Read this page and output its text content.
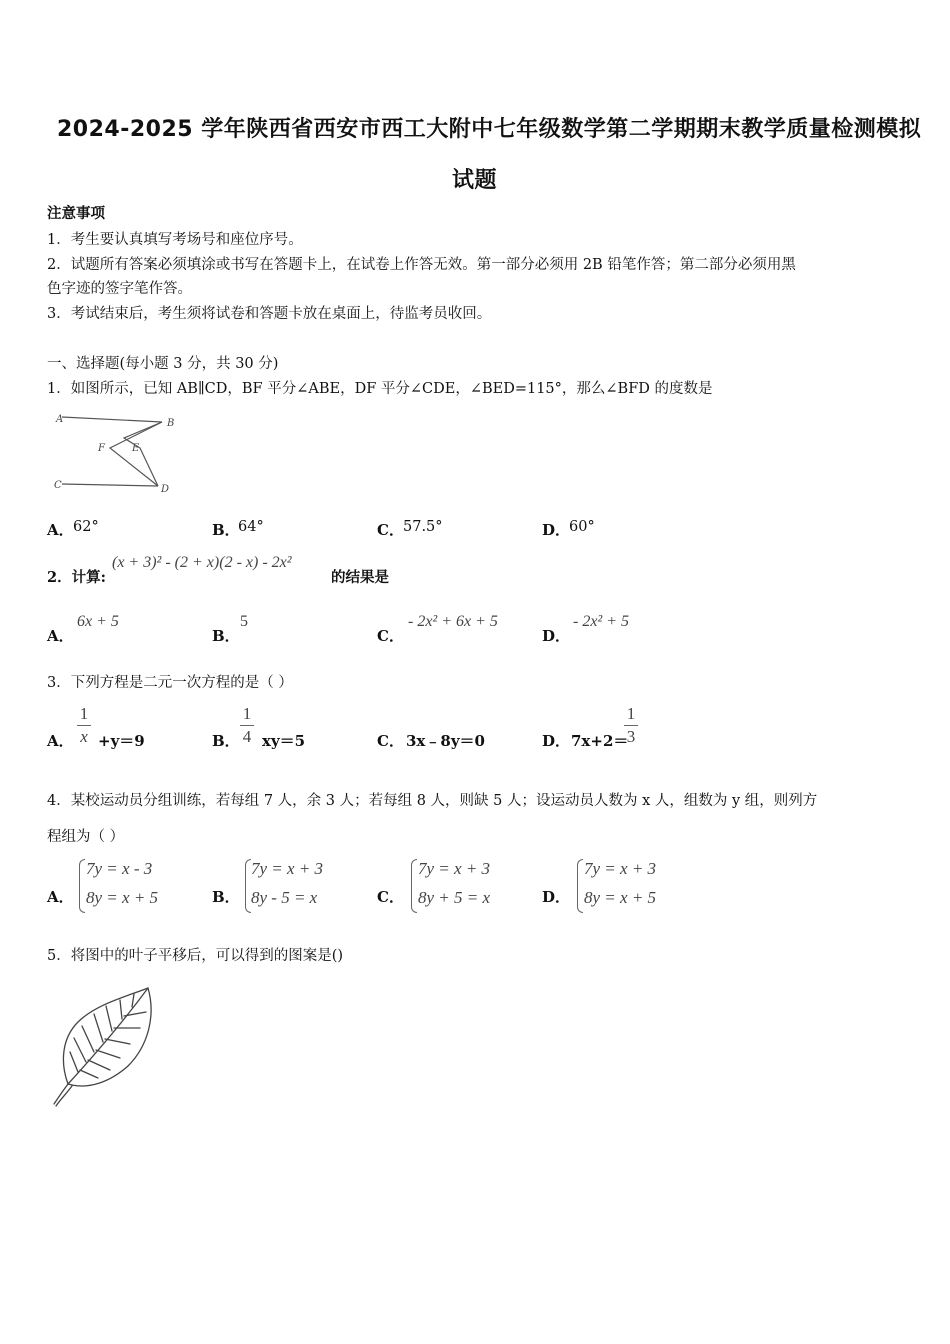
2024-2025 学年陕西省西安市西工大附中七年级数学第二学期期末教学质量检测模拟
试题
注意事项
1．考生要认真填写考场号和座位序号。
2．试题所有答案必须填涂或书写在答题卡上，在试卷上作答无效。第一部分必须用 2B 铅笔作答；第二部分必须用黑
色字迹的签字笔作答。
3．考试结束后，考生须将试卷和答题卡放在桌面上，待监考员收回。
一、选择题(每小题 3 分，共 30 分)
1．如图所示，已知 AB∥CD，BF 平分∠ABE，DF 平分∠CDE，∠BED=115°，那么∠BFD 的度数是
A	B
C	D
E
F
A． 62°	B．
64°	C． 57.5°	D．
60°
2．计算:
(x + 3)² - (2 + x)(2 - x) - 2x²
的结果是
A．
6x + 5
B．
5
C．
- 2x² + 6x + 5
D．
- 2x² + 5
3．下列方程是二元一次方程的是（ ）
A．
1
x +y＝9	B．
1
4 xy＝5	C． 3x﹣8y＝0	D． 7x+2＝
1
3
4．某校运动员分组训练，若每组 7 人，余 3 人；若每组 8 人，则缺 5 人；设运动员人数为 x 人，组数为 y 组，则列方
程组为（ ）
A．
7y = x - 3
8y = x + 5	B．
7y = x + 3
8y - 5 = x	C．
7y = x + 3
8y + 5 = x	D．
7y = x + 3
8y = x + 5
5．将图中的叶子平移后，可以得到的图案是()
